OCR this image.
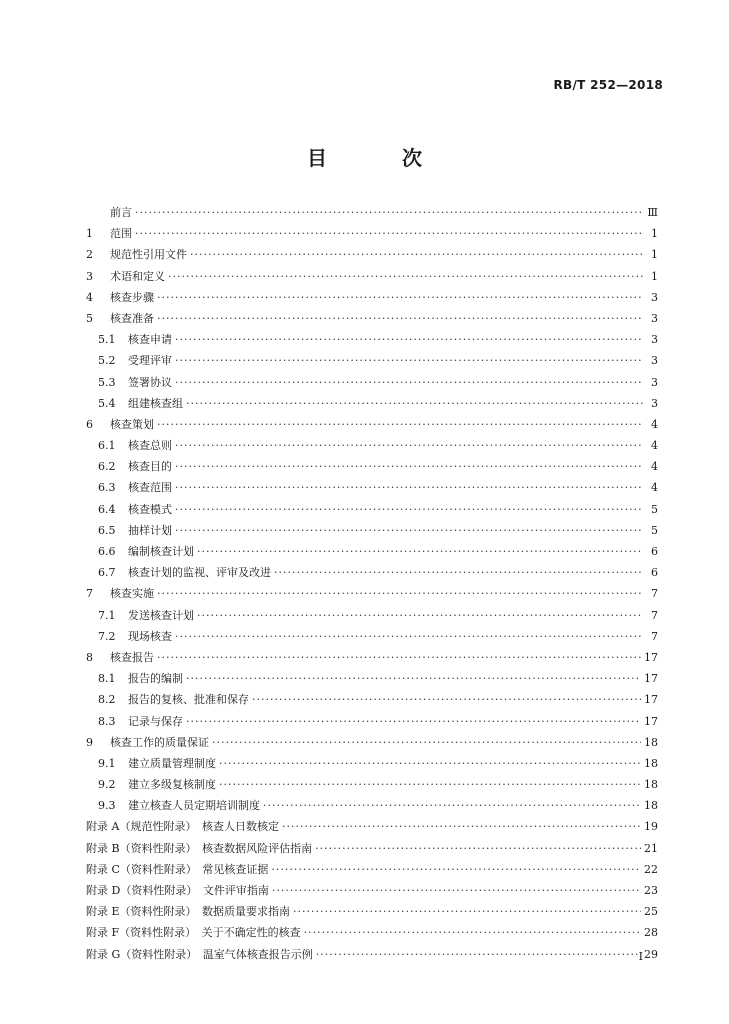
RB/T 252—2018
目 次
前言 ·····	Ⅲ
1	范围 ·····	1
2	规范性引用文件 ·····	1
3	术语和定义 ·····	1
4	核查步骤 ·····	3
5	核查准备 ·····	3
5.1	核查申请 ·····	3
5.2	受理评审 ·····	3
5.3	签署协议 ·····	3
5.4	组建核查组 ·····	3
6	核查策划 ·····	4
6.1	核查总则 ·····	4
6.2	核查目的 ·····	4
6.3	核查范围 ·····	4
6.4	核查模式 ·····	5
6.5	抽样计划 ·····	5
6.6	编制核查计划 ·····	6
6.7	核查计划的监视、评审及改进 ·····	6
7	核查实施 ·····	7
7.1	发送核查计划 ·····	7
7.2	现场核查 ·····	7
8	核查报告 ·····	17
8.1	报告的编制 ·····	17
8.2	报告的复核、批准和保存 ·····	17
8.3	记录与保存 ·····	17
9	核查工作的质量保证 ·····	18
9.1	建立质量管理制度 ·····	18
9.2	建立多级复核制度 ·····	18
9.3	建立核查人员定期培训制度 ·····	18
附录 A（规范性附录）　核查人日数核定 ·····	19
附录 B（资料性附录）　核查数据风险评估指南 ·····	21
附录 C（资料性附录）　常见核查证据 ·····	22
附录 D（资料性附录）　文件评审指南 ·····	23
附录 E（资料性附录）　数据质量要求指南 ·····	25
附录 F（资料性附录）　关于不确定性的核查 ·····	28
附录 G（资料性附录）　温室气体核查报告示例 ·····	29
Ⅰ
